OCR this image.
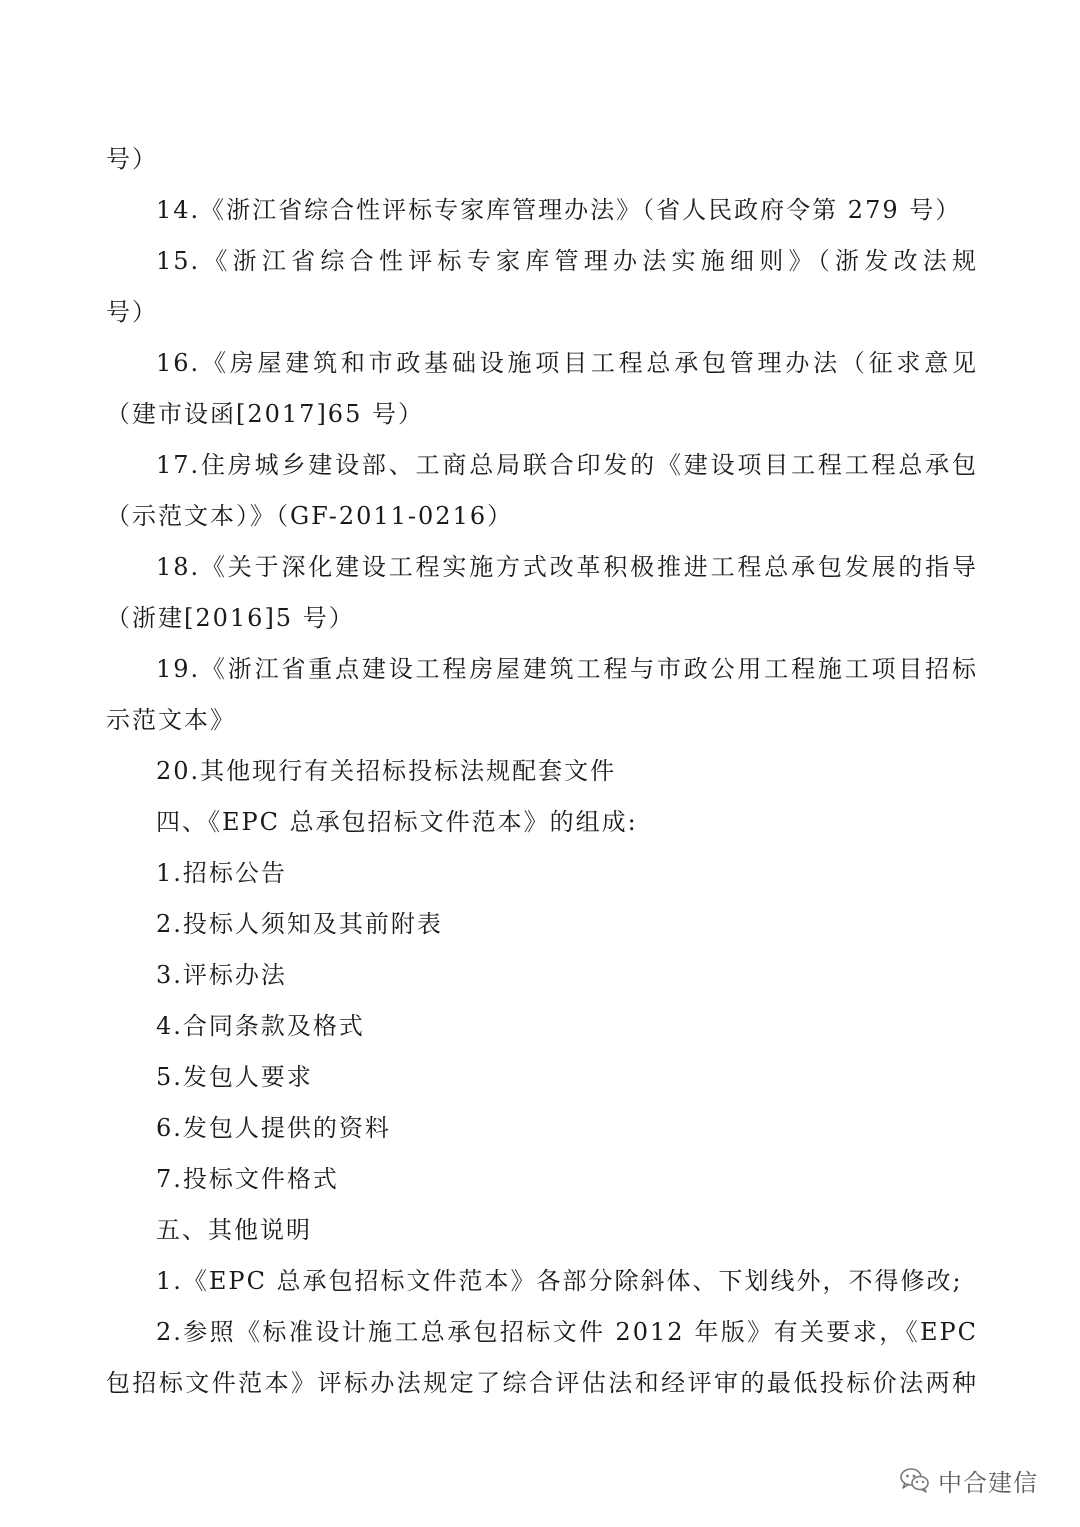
号）
14.《浙江省综合性评标专家库管理办法》（省人民政府令第 279 号）
15.《浙江省综合性评标专家库管理办法实施细则》（浙发改法规
号）
16.《房屋建筑和市政基础设施项目工程总承包管理办法（征求意见
（建市设函[2017]65 号）
17.住房城乡建设部、工商总局联合印发的《建设项目工程工程总承包
（示范文本）》（GF-2011-0216）
18.《关于深化建设工程实施方式改革积极推进工程总承包发展的指导
（浙建[2016]5 号）
19.《浙江省重点建设工程房屋建筑工程与市政公用工程施工项目招标
示范文本》
20.其他现行有关招标投标法规配套文件
四、《EPC 总承包招标文件范本》的组成:
1.招标公告
2.投标人须知及其前附表
3.评标办法
4.合同条款及格式
5.发包人要求
6.发包人提供的资料
7.投标文件格式
五、其他说明
1.《EPC 总承包招标文件范本》各部分除斜体、下划线外，不得修改;
2.参照《标准设计施工总承包招标文件 2012 年版》有关要求，《EPC
包招标文件范本》评标办法规定了综合评估法和经评审的最低投标价法两种
中合建信
